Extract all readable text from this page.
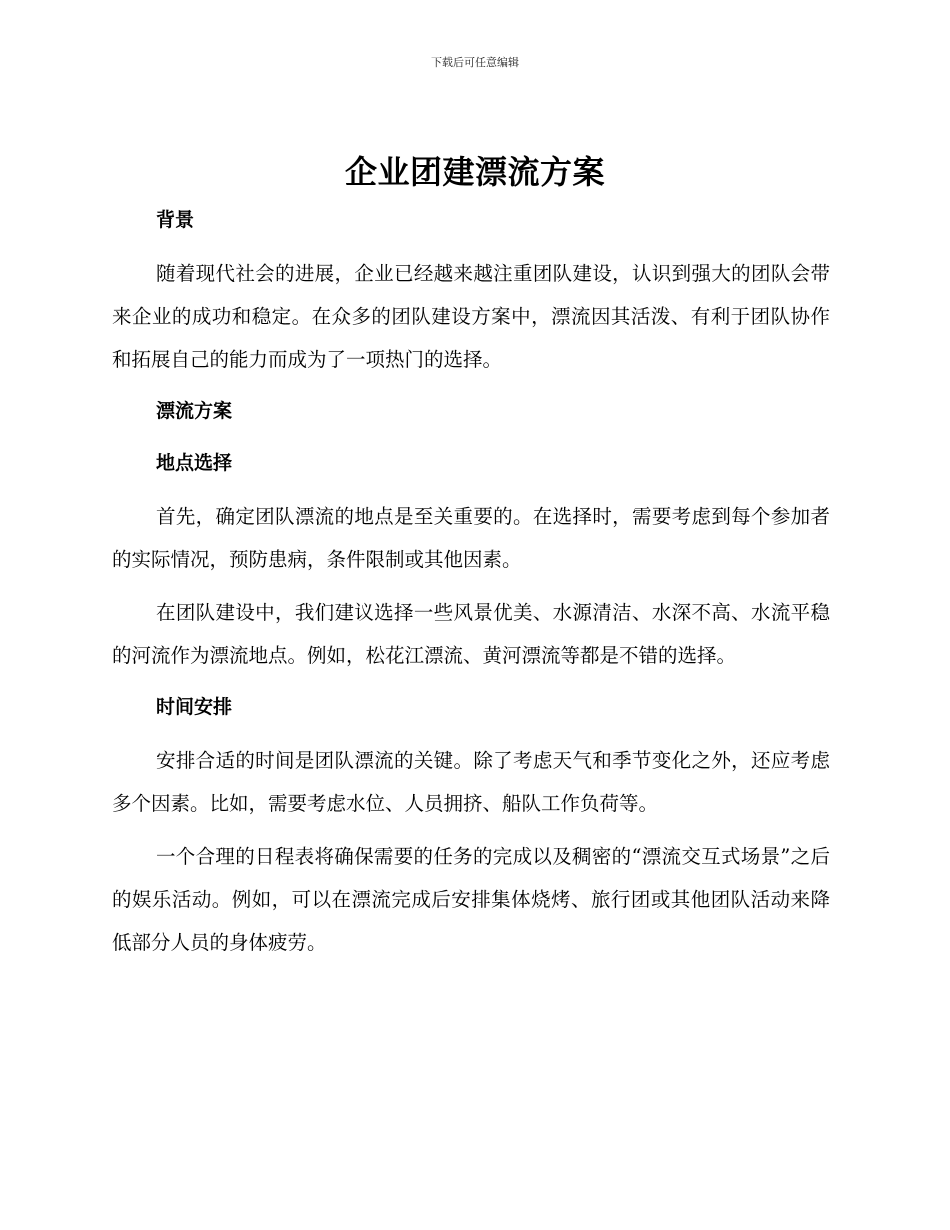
下载后可任意编辑
企业团建漂流方案
背景

随着现代社会的进展，企业已经越来越注重团队建设，认识到强大的团队会带来企业的成功和稳定。在众多的团队建设方案中，漂流因其活泼、有利于团队协作和拓展自己的能力而成为了一项热门的选择。

漂流方案
地点选择

首先，确定团队漂流的地点是至关重要的。在选择时，需要考虑到每个参加者的实际情况，预防患病，条件限制或其他因素。

在团队建设中，我们建议选择一些风景优美、水源清洁、水深不高、水流平稳的河流作为漂流地点。例如，松花江漂流、黄河漂流等都是不错的选择。

时间安排

安排合适的时间是团队漂流的关键。除了考虑天气和季节变化之外，还应考虑多个因素。比如，需要考虑水位、人员拥挤、船队工作负荷等。

一个合理的日程表将确保需要的任务的完成以及稠密的“漂流交互式场景”之后的娱乐活动。例如，可以在漂流完成后安排集体烧烤、旅行团或其他团队活动来降低部分人员的身体疲劳。
